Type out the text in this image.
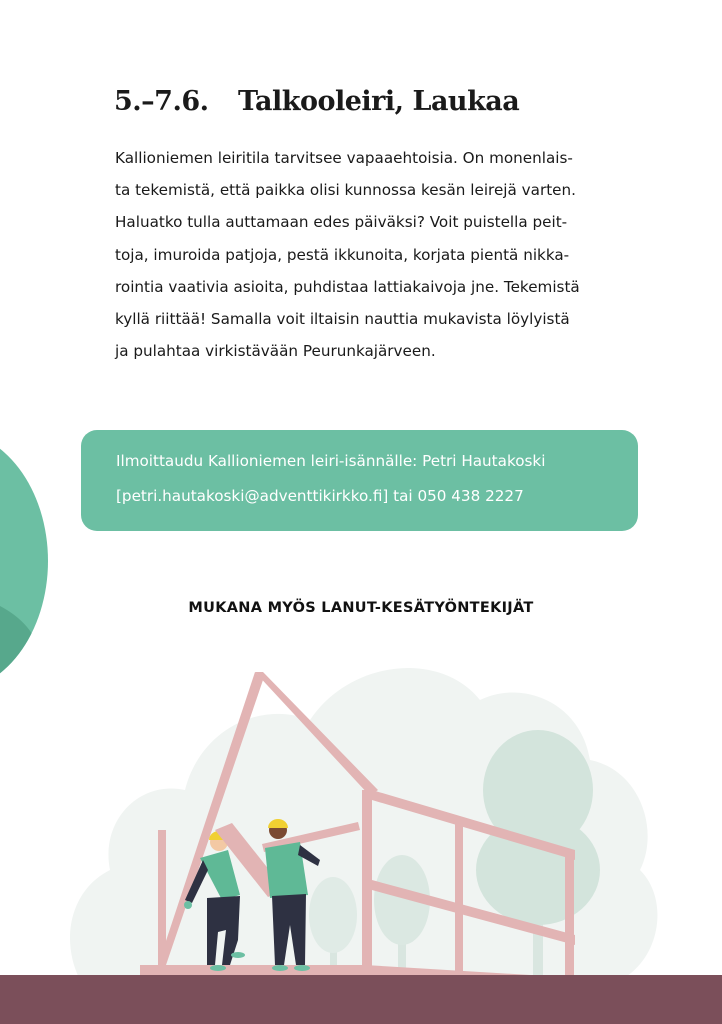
5.–7.6. Talkooleiri, Laukaa
Kallioniemen leiritila tarvitsee vapaaehtoisia. On monenlais-
ta tekemistä, että paikka olisi kunnossa kesän leirejä varten.
Haluatko tulla auttamaan edes päiväksi? Voit puistella peit-
toja, imuroida patjoja, pestä ikkunoita, korjata pientä nikka-
rointia vaativia asioita, puhdistaa lattiakaivoja jne. Tekemistä
kyllä riittää! Samalla voit iltaisin nauttia mukavista löylyistä
ja pulahtaa virkistävään Peurunkajärveen.
Ilmoittaudu Kallioniemen leiri-isännälle: Petri Hautakoski
[petri.hautakoski@adventtikirkko.fi] tai 050 438 2227
MUKANA MYÖS LANUT-KESÄTYÖNTEKIJÄT
